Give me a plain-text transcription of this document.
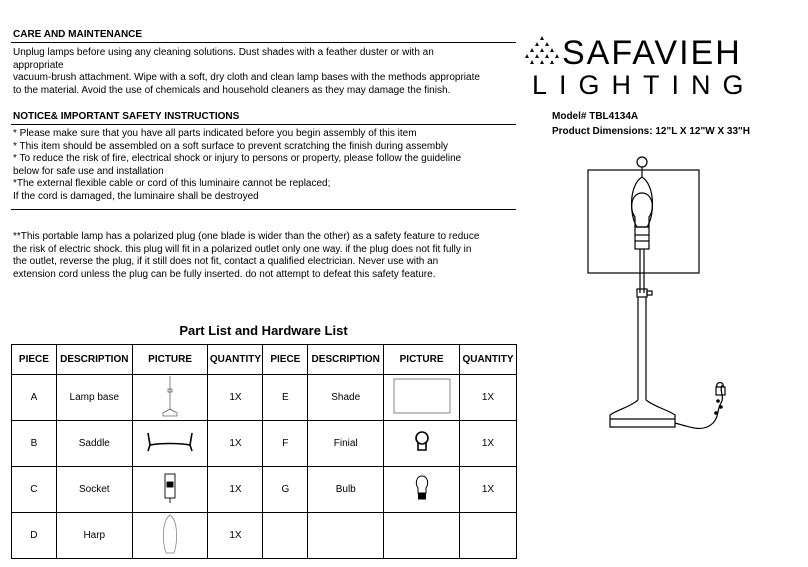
CARE AND MAINTENANCE
Unplug lamps before using any cleaning solutions. Dust shades with a feather duster or with an
appropriate
vacuum-brush attachment. Wipe with a soft, dry cloth and clean lamp bases with the methods appropriate
to the material. Avoid the use of chemicals and household cleaners as they may damage the finish.
NOTICE& IMPORTANT SAFETY INSTRUCTIONS
* Please make sure that you have all parts indicated before you begin assembly of this item
* This item should be assembled on a soft surface to prevent scratching the finish during assembly
* To reduce the risk of fire, electrical shock or injury to persons or property, please follow the guideline
below for safe use and installation
*The external flexible cable or cord of this luminaire cannot be replaced;
If the cord is damaged, the luminaire shall be destroyed
**This portable lamp has a polarized plug (one blade is wider than the other) as a safety feature to reduce
the risk of electric shock. this plug will fit in a polarized outlet only one way. if the plug does not fit fully in
the outlet, reverse the plug, if it still does not fit, contact a qualified electrician. Never use with an
extension cord unless the plug can be fully inserted. do not attempt to defeat this safety feature.
SAFAVIEH
LIGHTING
Model# TBL4134A
Product Dimensions: 12"L X 12"W X 33"H
Part List and Hardware List
PIECE	DESCRIPTION	PICTURE	QUANTITY	PIECE	DESCRIPTION	PICTURE	QUANTITY
A	Lamp base		1X	E	Shade		1X
B	Saddle		1X	F	Finial		1X
C	Socket		1X	G	Bulb		1X
D	Harp		1X				
